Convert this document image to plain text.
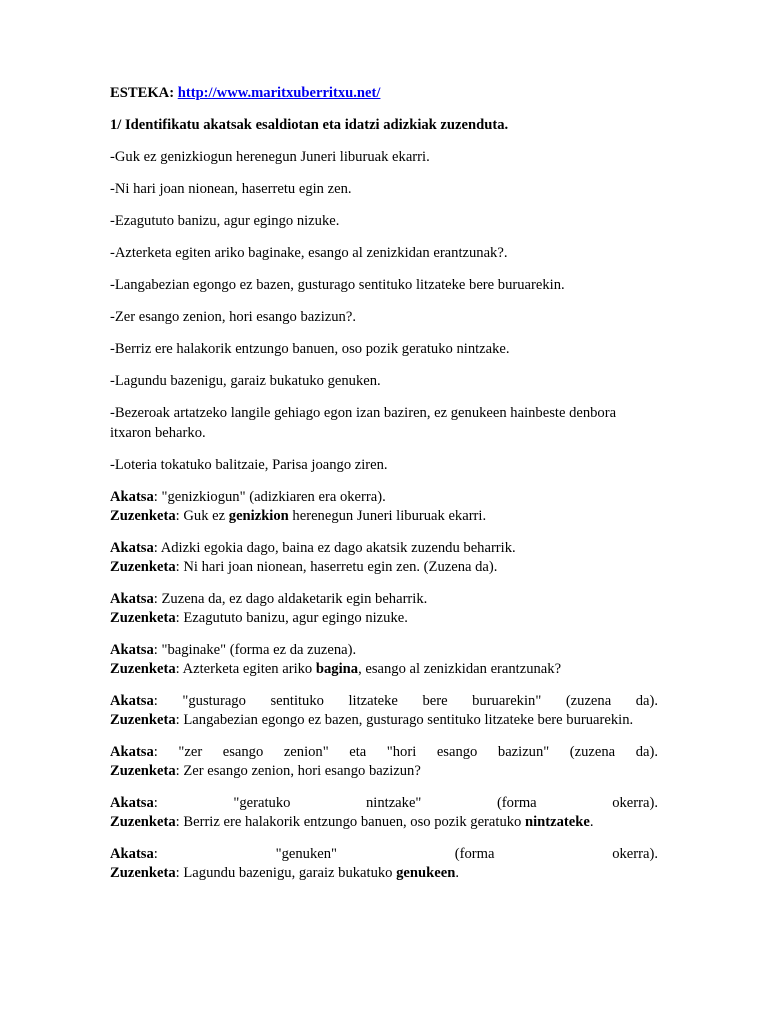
ESTEKA: http://www.maritxuberritxu.net/
1/ Identifikatu akatsak esaldiotan eta idatzi adizkiak zuzenduta.
-Guk ez genizkiogun herenegun Juneri liburuak ekarri.
-Ni hari joan nionean, haserretu egin zen.
-Ezagututo banizu, agur egingo nizuke.
-Azterketa egiten ariko baginake, esango al zenizkidan erantzunak?.
-Langabezian egongo ez bazen, gusturago sentituko litzateke bere buruarekin.
-Zer esango zenion, hori esango bazizun?.
-Berriz ere halakorik entzungo banuen, oso pozik geratuko nintzake.
-Lagundu bazenigu, garaiz bukatuko genuken.
-Bezeroak artatzeko langile gehiago egon izan baziren, ez genukeen hainbeste denbora itxaron beharko.
-Loteria tokatuko balitzaie, Parisa joango ziren.
Akatsa: "genizkiogun" (adizkiaren era okerra).
Zuzenketa: Guk ez genizkion herenegun Juneri liburuak ekarri.
Akatsa: Adizki egokia dago, baina ez dago akatsik zuzendu beharrik.
Zuzenketa: Ni hari joan nionean, haserretu egin zen. (Zuzena da).
Akatsa: Zuzena da, ez dago aldaketarik egin beharrik.
Zuzenketa: Ezagututo banizu, agur egingo nizuke.
Akatsa: "baginake" (forma ez da zuzena).
Zuzenketa: Azterketa egiten ariko bagina, esango al zenizkidan erantzunak?
Akatsa: "gusturago sentituko litzateke bere buruarekin" (zuzena da).
Zuzenketa: Langabezian egongo ez bazen, gusturago sentituko litzateke bere buruarekin.
Akatsa: "zer esango zenion" eta "hori esango bazizun" (zuzena da).
Zuzenketa: Zer esango zenion, hori esango bazizun?
Akatsa: "geratuko nintzake" (forma okerra).
Zuzenketa: Berriz ere halakorik entzungo banuen, oso pozik geratuko nintzateke.
Akatsa: "genuken" (forma okerra).
Zuzenketa: Lagundu bazenigu, garaiz bukatuko genukeen.
